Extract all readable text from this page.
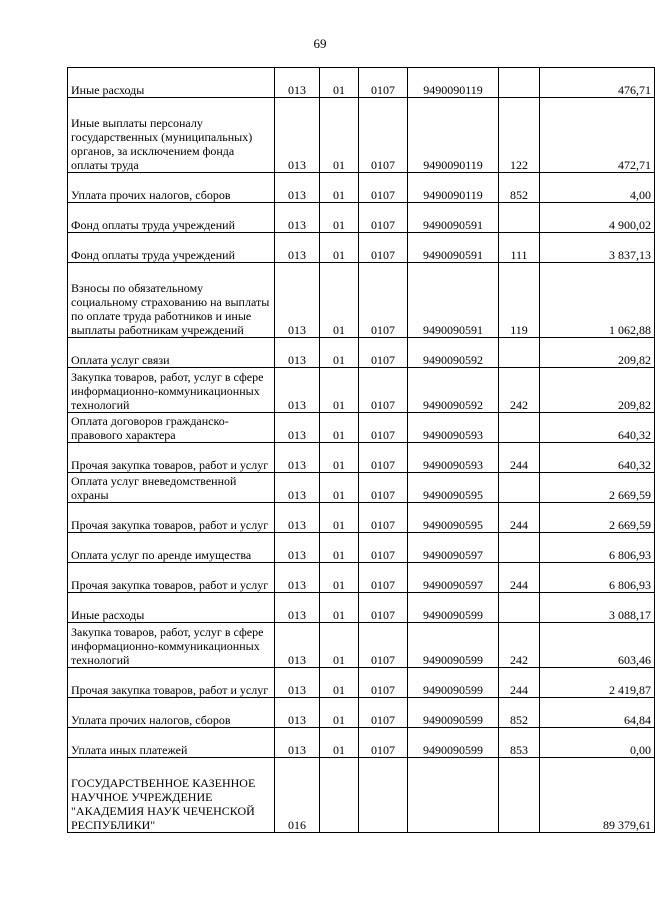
69
Иные расходы	013	01	0107	9490090119		476,71
Иные выплаты персоналу государственных (муниципальных) органов, за исключением фонда оплаты труда	013	01	0107	9490090119	122	472,71
Уплата прочих налогов, сборов	013	01	0107	9490090119	852	4,00
Фонд оплаты труда учреждений	013	01	0107	9490090591		4 900,02
Фонд оплаты труда учреждений	013	01	0107	9490090591	111	3 837,13
Взносы по обязательному социальному страхованию на выплаты по оплате труда работников и иные выплаты работникам учреждений	013	01	0107	9490090591	119	1 062,88
Оплата услуг связи	013	01	0107	9490090592		209,82
Закупка товаров, работ, услуг в сфере информационно-коммуникационных технологий	013	01	0107	9490090592	242	209,82
Оплата договоров гражданско-правового характера	013	01	0107	9490090593		640,32
Прочая закупка товаров, работ и услуг	013	01	0107	9490090593	244	640,32
Оплата услуг вневедомственной охраны	013	01	0107	9490090595		2 669,59
Прочая закупка товаров, работ и услуг	013	01	0107	9490090595	244	2 669,59
Оплата услуг по аренде имущества	013	01	0107	9490090597		6 806,93
Прочая закупка товаров, работ и услуг	013	01	0107	9490090597	244	6 806,93
Иные расходы	013	01	0107	9490090599		3 088,17
Закупка товаров, работ, услуг в сфере информационно-коммуникационных технологий	013	01	0107	9490090599	242	603,46
Прочая закупка товаров, работ и услуг	013	01	0107	9490090599	244	2 419,87
Уплата прочих налогов, сборов	013	01	0107	9490090599	852	64,84
Уплата иных платежей	013	01	0107	9490090599	853	0,00
ГОСУДАРСТВЕННОЕ КАЗЕННОЕ НАУЧНОЕ УЧРЕЖДЕНИЕ "АКАДЕМИЯ НАУК ЧЕЧЕНСКОЙ РЕСПУБЛИКИ"	016					89 379,61
